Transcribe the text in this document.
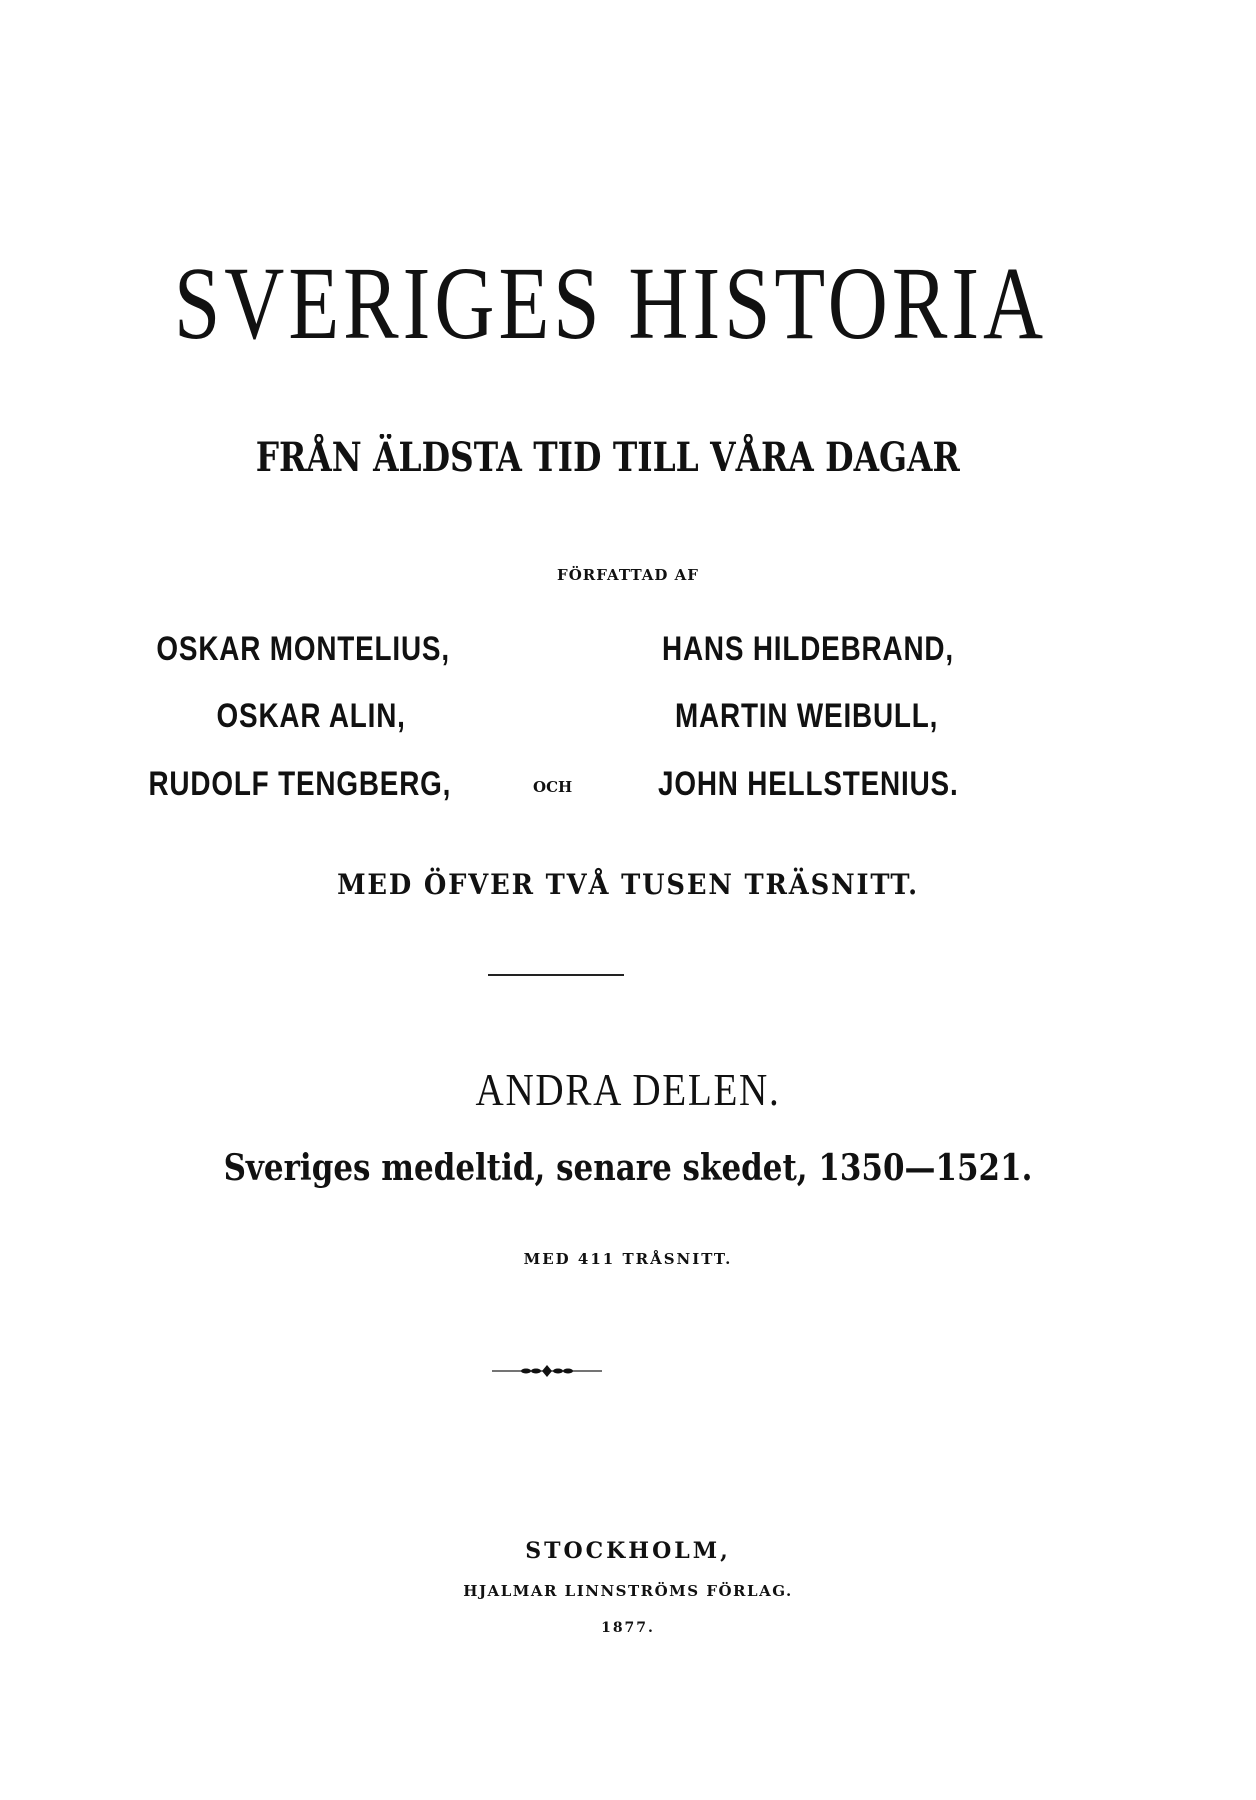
SVERIGES HISTORIA
FRÅN ÄLDSTA TID TILL VÅRA DAGAR
FÖRFATTAD AF
OSKAR MONTELIUS,
OSKAR ALIN,
RUDOLF TENGBERG,	OCH
HANS HILDEBRAND,
MARTIN WEIBULL,
JOHN HELLSTENIUS.
MED ÖFVER TVÅ TUSEN TRÄSNITT.
ANDRA DELEN.
Sveriges medeltid, senare skedet, 1350—1521.
MED 411 TRÅSNITT.
STOCKHOLM,
HJALMAR LINNSTRÖMS FÖRLAG.
1877.
